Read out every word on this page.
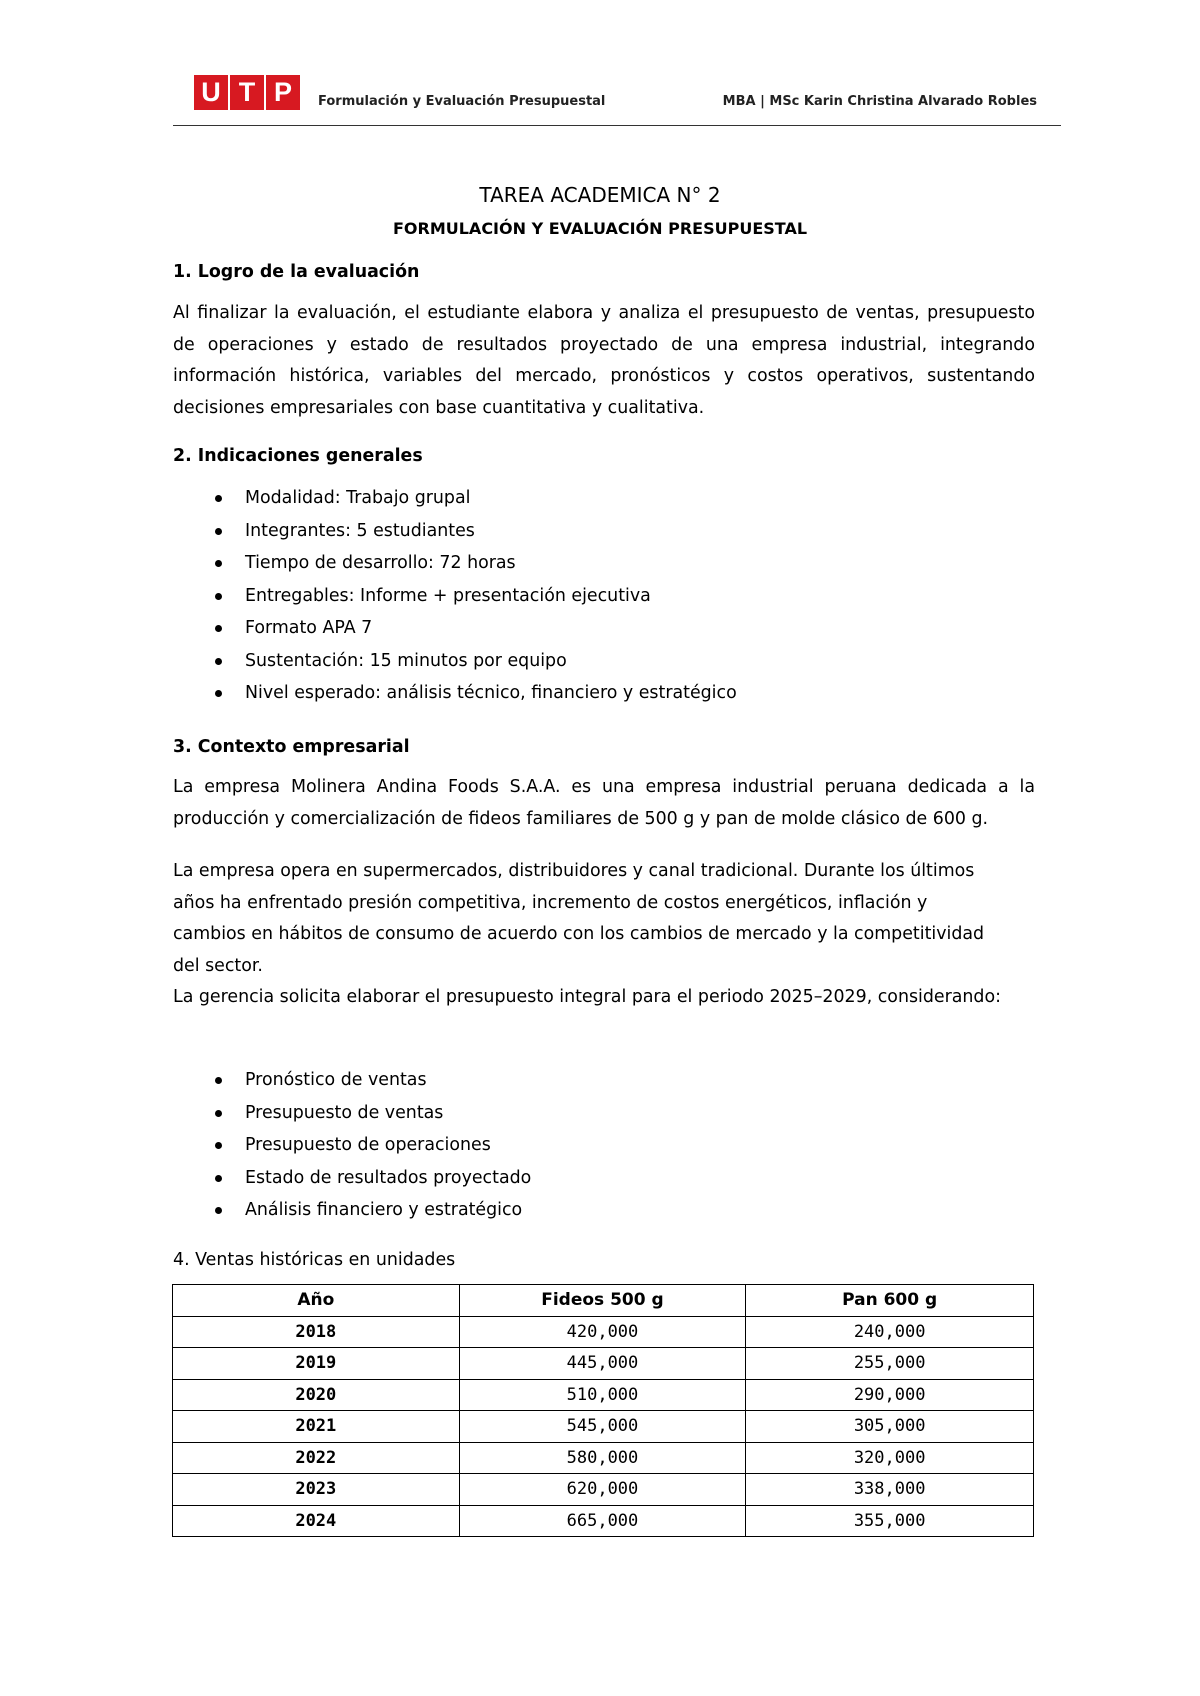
U T P	Formulación y Evaluación Presupuestal	MBA | MSc Karin Christina Alvarado Robles
TAREA ACADEMICA N° 2
FORMULACIÓN Y EVALUACIÓN PRESUPUESTAL
1. Logro de la evaluación

Al finalizar la evaluación, el estudiante elabora y analiza el presupuesto de ventas, presupuesto de operaciones y estado de resultados proyectado de una empresa industrial, integrando información histórica, variables del mercado, pronósticos y costos operativos, sustentando decisiones empresariales con base cuantitativa y cualitativa.

2. Indicaciones generales
Modalidad: Trabajo grupal
Integrantes: 5 estudiantes
Tiempo de desarrollo: 72 horas
Entregables: Informe + presentación ejecutiva
Formato APA 7
Sustentación: 15 minutos por equipo
Nivel esperado: análisis técnico, financiero y estratégico
3. Contexto empresarial

La empresa Molinera Andina Foods S.A.A. es una empresa industrial peruana dedicada a la producción y comercialización de fideos familiares de 500 g y pan de molde clásico de 600 g.

La empresa opera en supermercados, distribuidores y canal tradicional. Durante los últimos
años ha enfrentado presión competitiva, incremento de costos energéticos, inflación y
cambios en hábitos de consumo de acuerdo con los cambios de mercado y la competitividad
del sector.
La gerencia solicita elaborar el presupuesto integral para el periodo 2025–2029, considerando:
Pronóstico de ventas
Presupuesto de ventas
Presupuesto de operaciones
Estado de resultados proyectado
Análisis financiero y estratégico
4. Ventas históricas en unidades
Año	Fideos 500 g	Pan 600 g
2018	420,000	240,000
2019	445,000	255,000
2020	510,000	290,000
2021	545,000	305,000
2022	580,000	320,000
2023	620,000	338,000
2024	665,000	355,000
